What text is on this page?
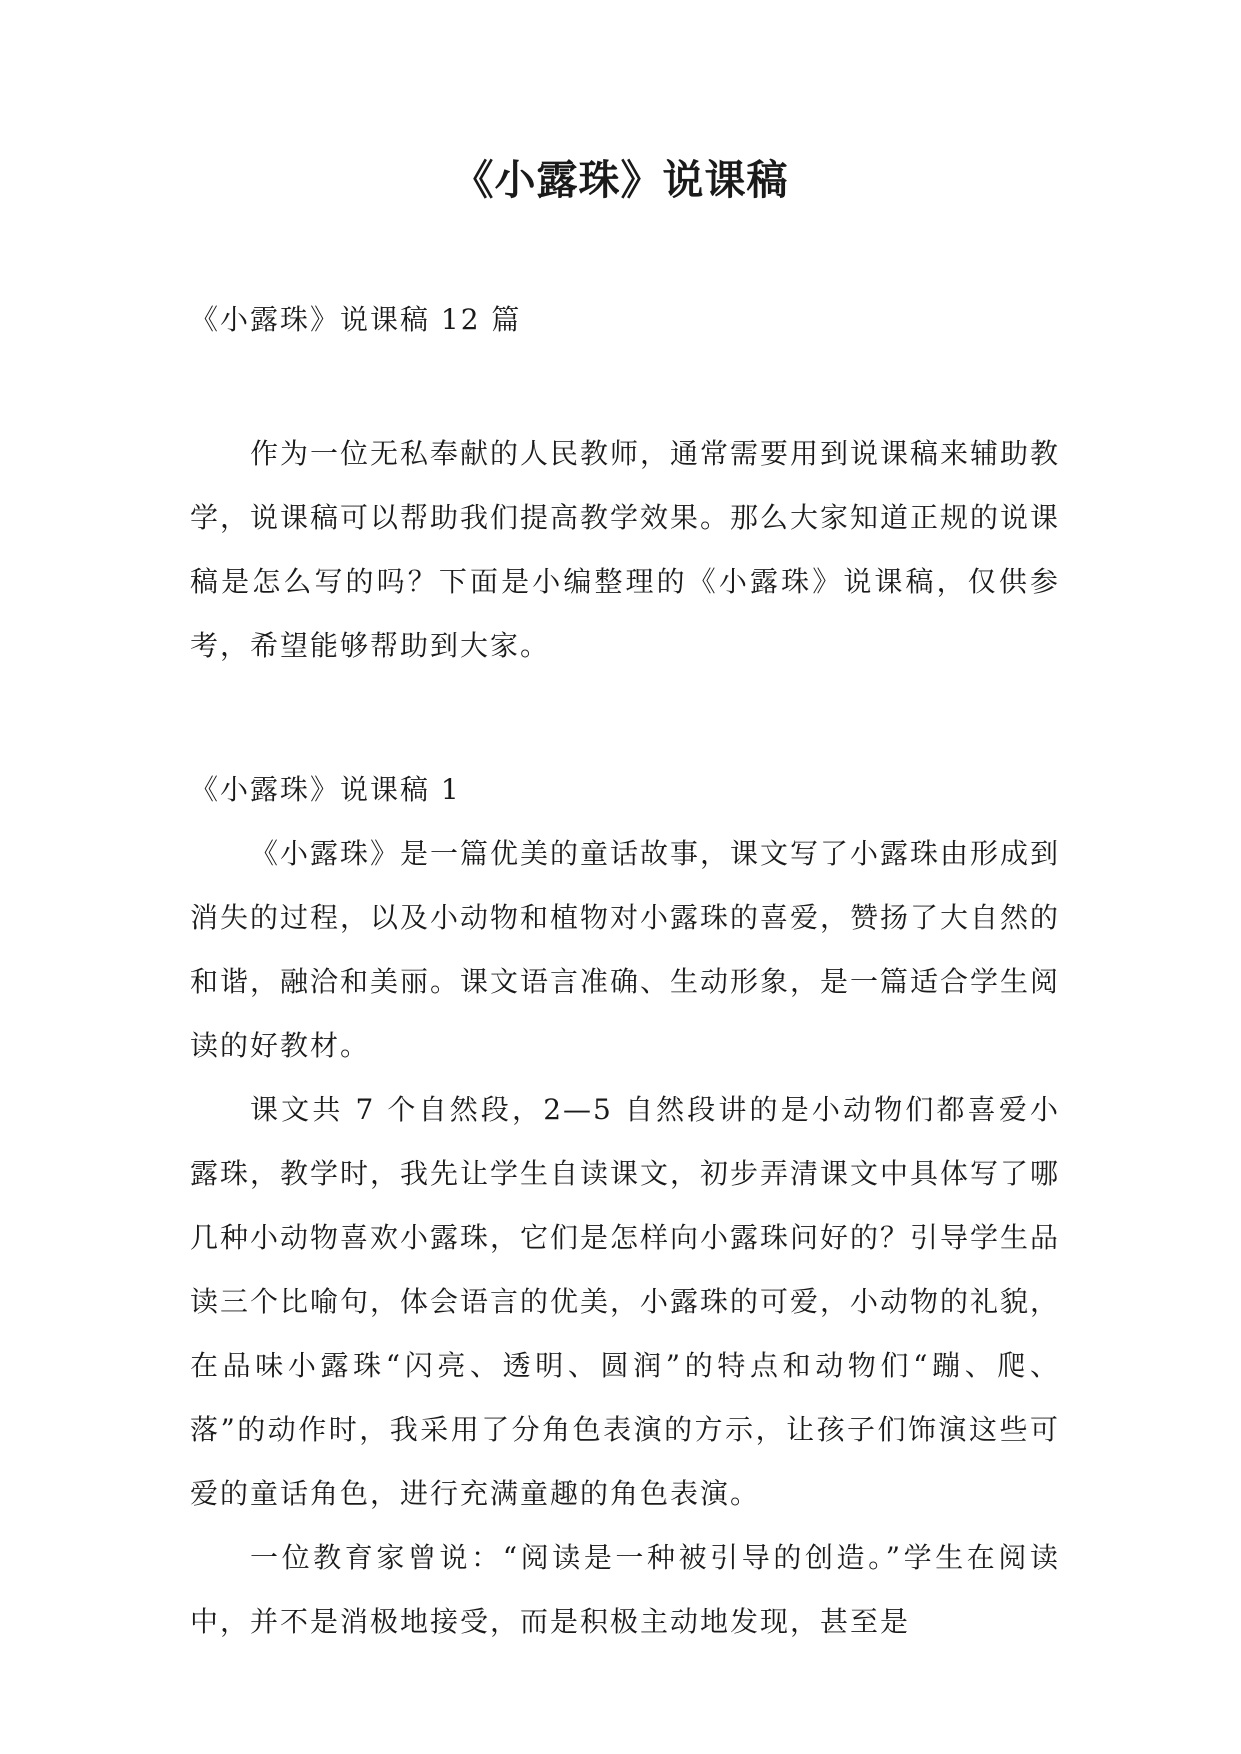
《小露珠》说课稿

《小露珠》说课稿 12 篇

作为一位无私奉献的人民教师，通常需要用到说课稿来辅助教学，说课稿可以帮助我们提高教学效果。那么大家知道正规的说课稿是怎么写的吗？下面是小编整理的《小露珠》说课稿，仅供参考，希望能够帮助到大家。

《小露珠》说课稿 1

《小露珠》是一篇优美的童话故事，课文写了小露珠由形成到消失的过程，以及小动物和植物对小露珠的喜爱，赞扬了大自然的和谐，融洽和美丽。课文语言准确、生动形象，是一篇适合学生阅读的好教材。

课文共 7 个自然段，2—5 自然段讲的是小动物们都喜爱小露珠，教学时，我先让学生自读课文，初步弄清课文中具体写了哪几种小动物喜欢小露珠，它们是怎样向小露珠问好的？引导学生品读三个比喻句，体会语言的优美，小露珠的可爱，小动物的礼貌，在品味小露珠“闪亮、透明、圆润”的特点和动物们“蹦、爬、落”的动作时，我采用了分角色表演的方示，让孩子们饰演这些可爱的童话角色，进行充满童趣的角色表演。

一位教育家曾说：“阅读是一种被引导的创造。”学生在阅读中，并不是消极地接受，而是积极主动地发现，甚至是
